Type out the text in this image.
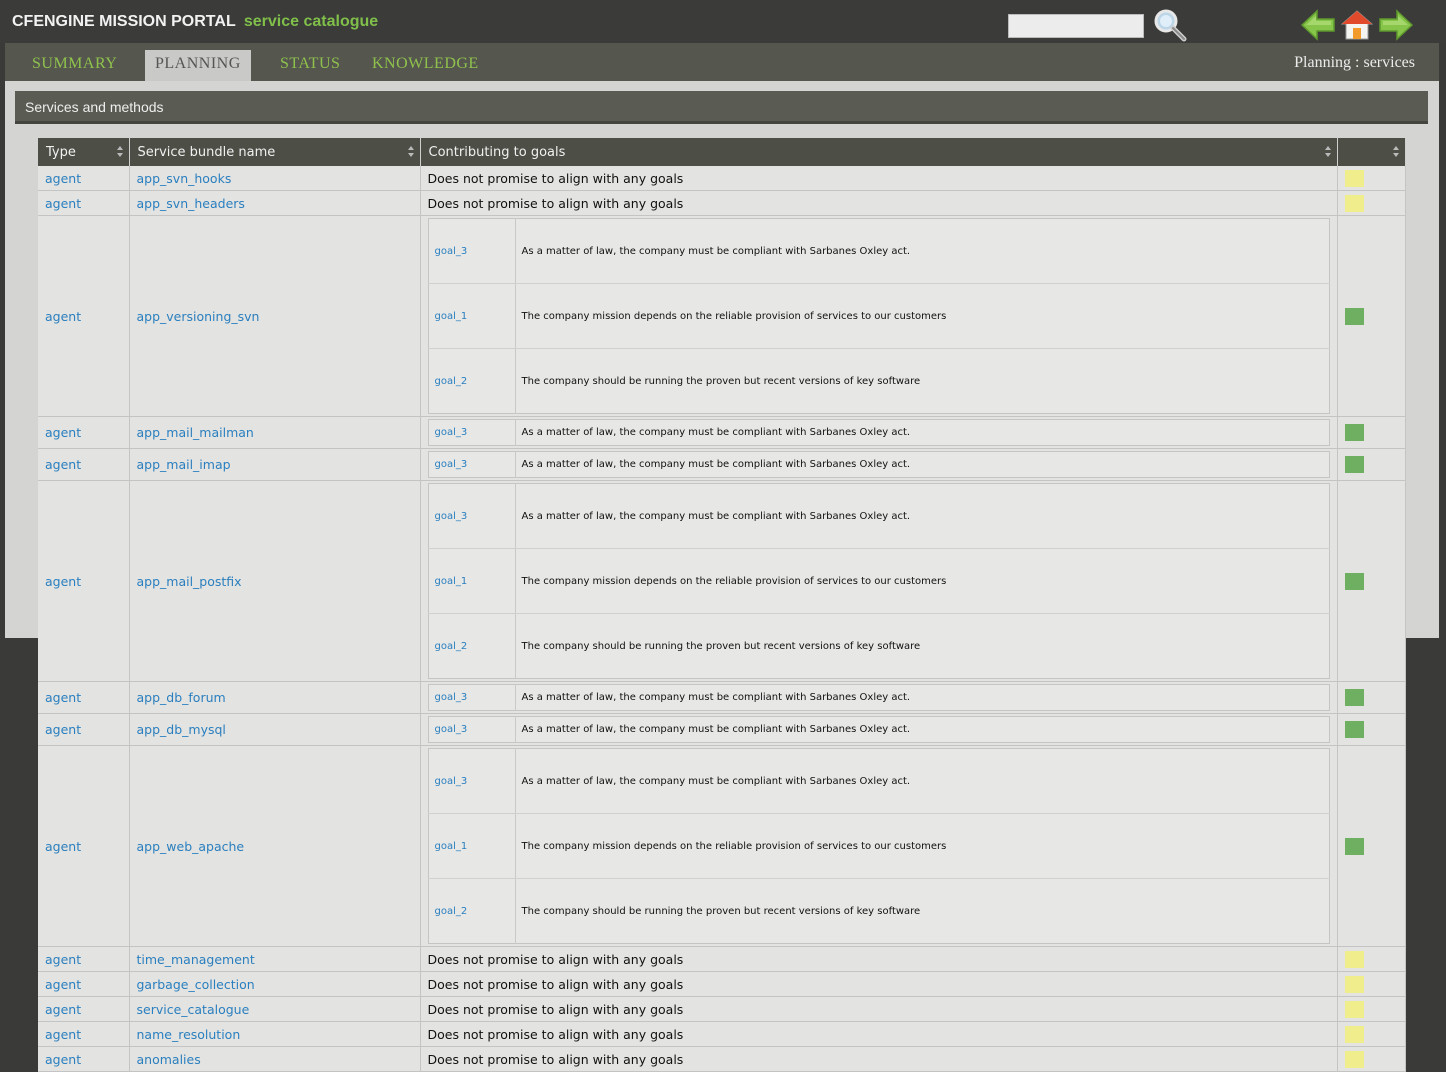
CFENGINE MISSION PORTAL service catalogue
SUMMARY	PLANNING	STATUS KNOWLEDGE	Planning : services
Services and methods
Type	Service bundle name	Contributing to goals

agent	app_svn_hooks	Does not promise to align with any goals	
agent	app_svn_headers	Does not promise to align with any goals	
agent	app_versioning_svn	
goal_3	As a matter of law, the company must be compliant with Sarbanes Oxley act.
goal_1	The company mission depends on the reliable provision of services to our customers
goal_2	The company should be running the proven but recent versions of key software

agent	app_mail_mailman		goal_3	As a matter of law, the company must be compliant with Sarbanes Oxley act.

agent	app_mail_imap		goal_3	As a matter of law, the company must be compliant with Sarbanes Oxley act.

agent	app_mail_postfix	
goal_3	As a matter of law, the company must be compliant with Sarbanes Oxley act.
goal_1	The company mission depends on the reliable provision of services to our customers
goal_2	The company should be running the proven but recent versions of key software

agent	app_db_forum		goal_3	As a matter of law, the company must be compliant with Sarbanes Oxley act.

agent	app_db_mysql		goal_3	As a matter of law, the company must be compliant with Sarbanes Oxley act.

agent	app_web_apache	
goal_3	As a matter of law, the company must be compliant with Sarbanes Oxley act.
goal_1	The company mission depends on the reliable provision of services to our customers
goal_2	The company should be running the proven but recent versions of key software

agent	time_management	Does not promise to align with any goals	
agent	garbage_collection	Does not promise to align with any goals	
agent	service_catalogue	Does not promise to align with any goals	
agent	name_resolution	Does not promise to align with any goals	
agent	anomalies	Does not promise to align with any goals	
